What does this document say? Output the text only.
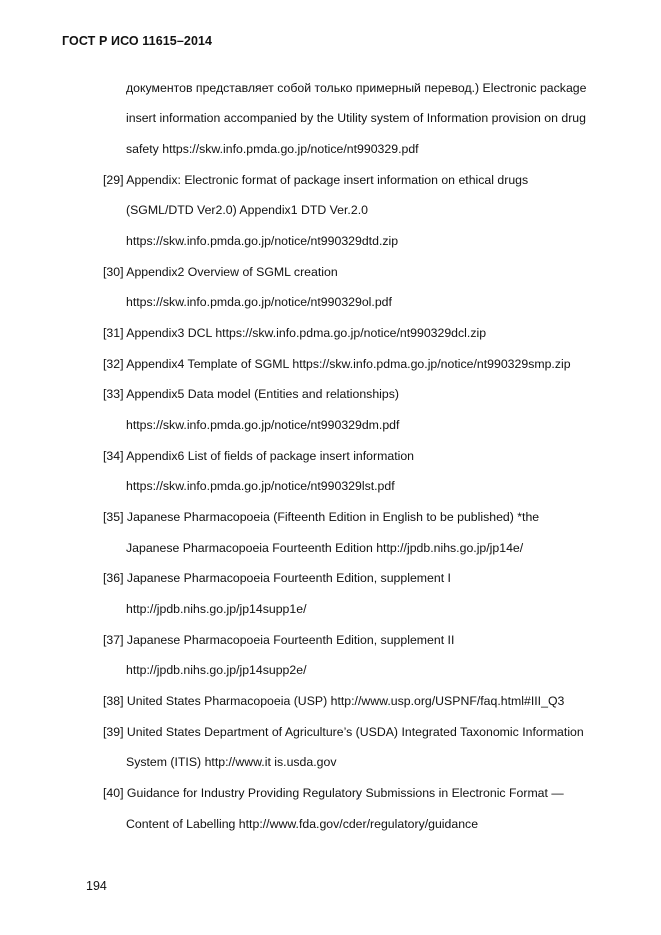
ГОСТ Р ИСО 11615–2014
документов представляет собой только примерный перевод.) Electronic package
insert information accompanied by the Utility system of Information provision on drug
safety https://skw.info.pmda.go.jp/notice/nt990329.pdf
[29] Appendix: Electronic format of package insert information on ethical drugs
(SGML/DTD Ver2.0) Appendix1 DTD Ver.2.0
https://skw.info.pmda.go.jp/notice/nt990329dtd.zip
[30] Appendix2 Overview of SGML creation
https://skw.info.pmda.go.jp/notice/nt990329ol.pdf
[31] Appendix3 DCL https://skw.info.pdma.go.jp/notice/nt990329dcl.zip
[32] Appendix4 Template of SGML https://skw.info.pdma.go.jp/notice/nt990329smp.zip
[33] Appendix5 Data model (Entities and relationships)
https://skw.info.pmda.go.jp/notice/nt990329dm.pdf
[34] Appendix6 List of fields of package insert information
https://skw.info.pmda.go.jp/notice/nt990329lst.pdf
[35] Japanese Pharmacopoeia (Fifteenth Edition in English to be published) *the
Japanese Pharmacopoeia Fourteenth Edition http://jpdb.nihs.go.jp/jp14e/
[36] Japanese Pharmacopoeia Fourteenth Edition, supplement I
http://jpdb.nihs.go.jp/jp14supp1e/
[37] Japanese Pharmacopoeia Fourteenth Edition, supplement II
http://jpdb.nihs.go.jp/jp14supp2e/
[38] United States Pharmacopoeia (USP) http://www.usp.org/USPNF/faq.html#III_Q3
[39] United States Department of Agriculture’s (USDA) Integrated Taxonomic Information
System (ITIS) http://www.it is.usda.gov
[40] Guidance for Industry Providing Regulatory Submissions in Electronic Format —
Content of Labelling http://www.fda.gov/cder/regulatory/guidance
194
